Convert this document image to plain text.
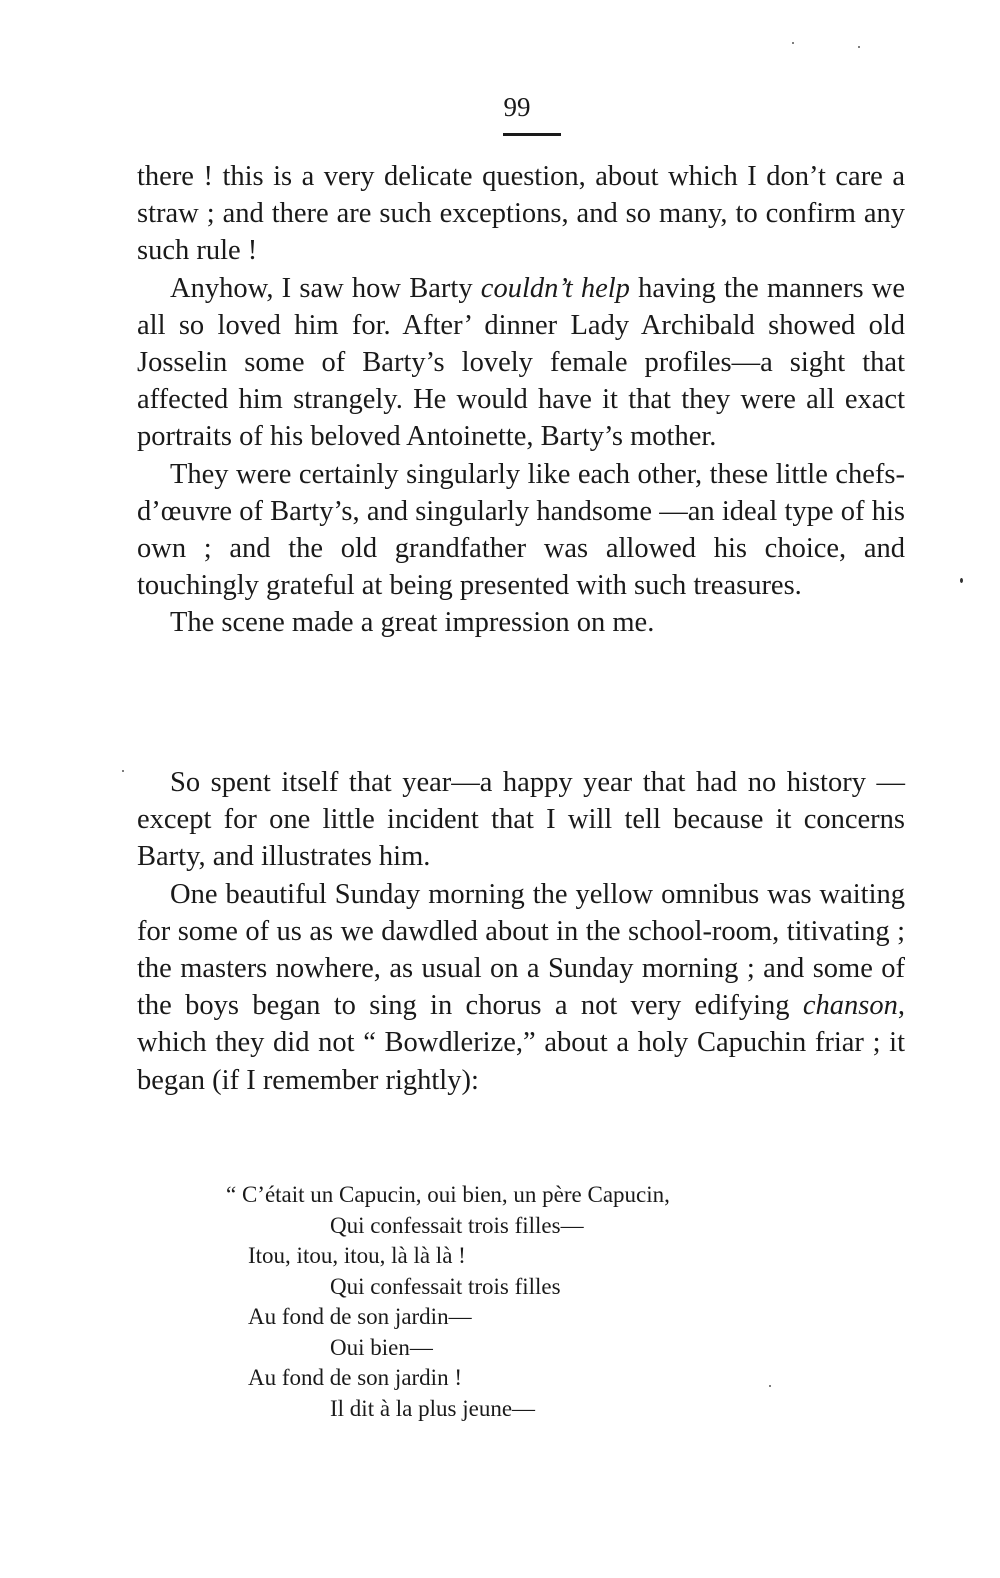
99

there ! this is a very delicate question, about which I don’t care a straw ; and there are such exceptions, and so many, to confirm any such rule !

Anyhow, I saw how Barty couldn’t help having the manners we all so loved him for. After’ dinner Lady Archibald showed old Josselin some of Barty’s lovely female profiles—a sight that affected him strangely. He would have it that they were all exact portraits of his beloved Antoinette, Barty’s mother.

They were certainly singularly like each other, these little chefs-d’œuvre of Barty’s, and singularly handsome —an ideal type of his own ; and the old grandfather was allowed his choice, and touchingly grateful at being presented with such treasures.

The scene made a great impression on me.

So spent itself that year—a happy year that had no history — except for one little incident that I will tell because it concerns Barty, and illustrates him.

One beautiful Sunday morning the yellow omnibus was waiting for some of us as we dawdled about in the school-room, titivating ; the masters nowhere, as usual on a Sunday morning ; and some of the boys began to sing in chorus a not very edifying chanson, which they did not “ Bowdlerize,” about a holy Capuchin friar ; it began (if I remember rightly):

“ C’était un Capucin, oui bien, un père Capucin,
Qui confessait trois filles—
Itou, itou, itou, là là là !
Qui confessait trois filles
Au fond de son jardin—
Oui bien—
Au fond de son jardin !
Il dit à la plus jeune—
